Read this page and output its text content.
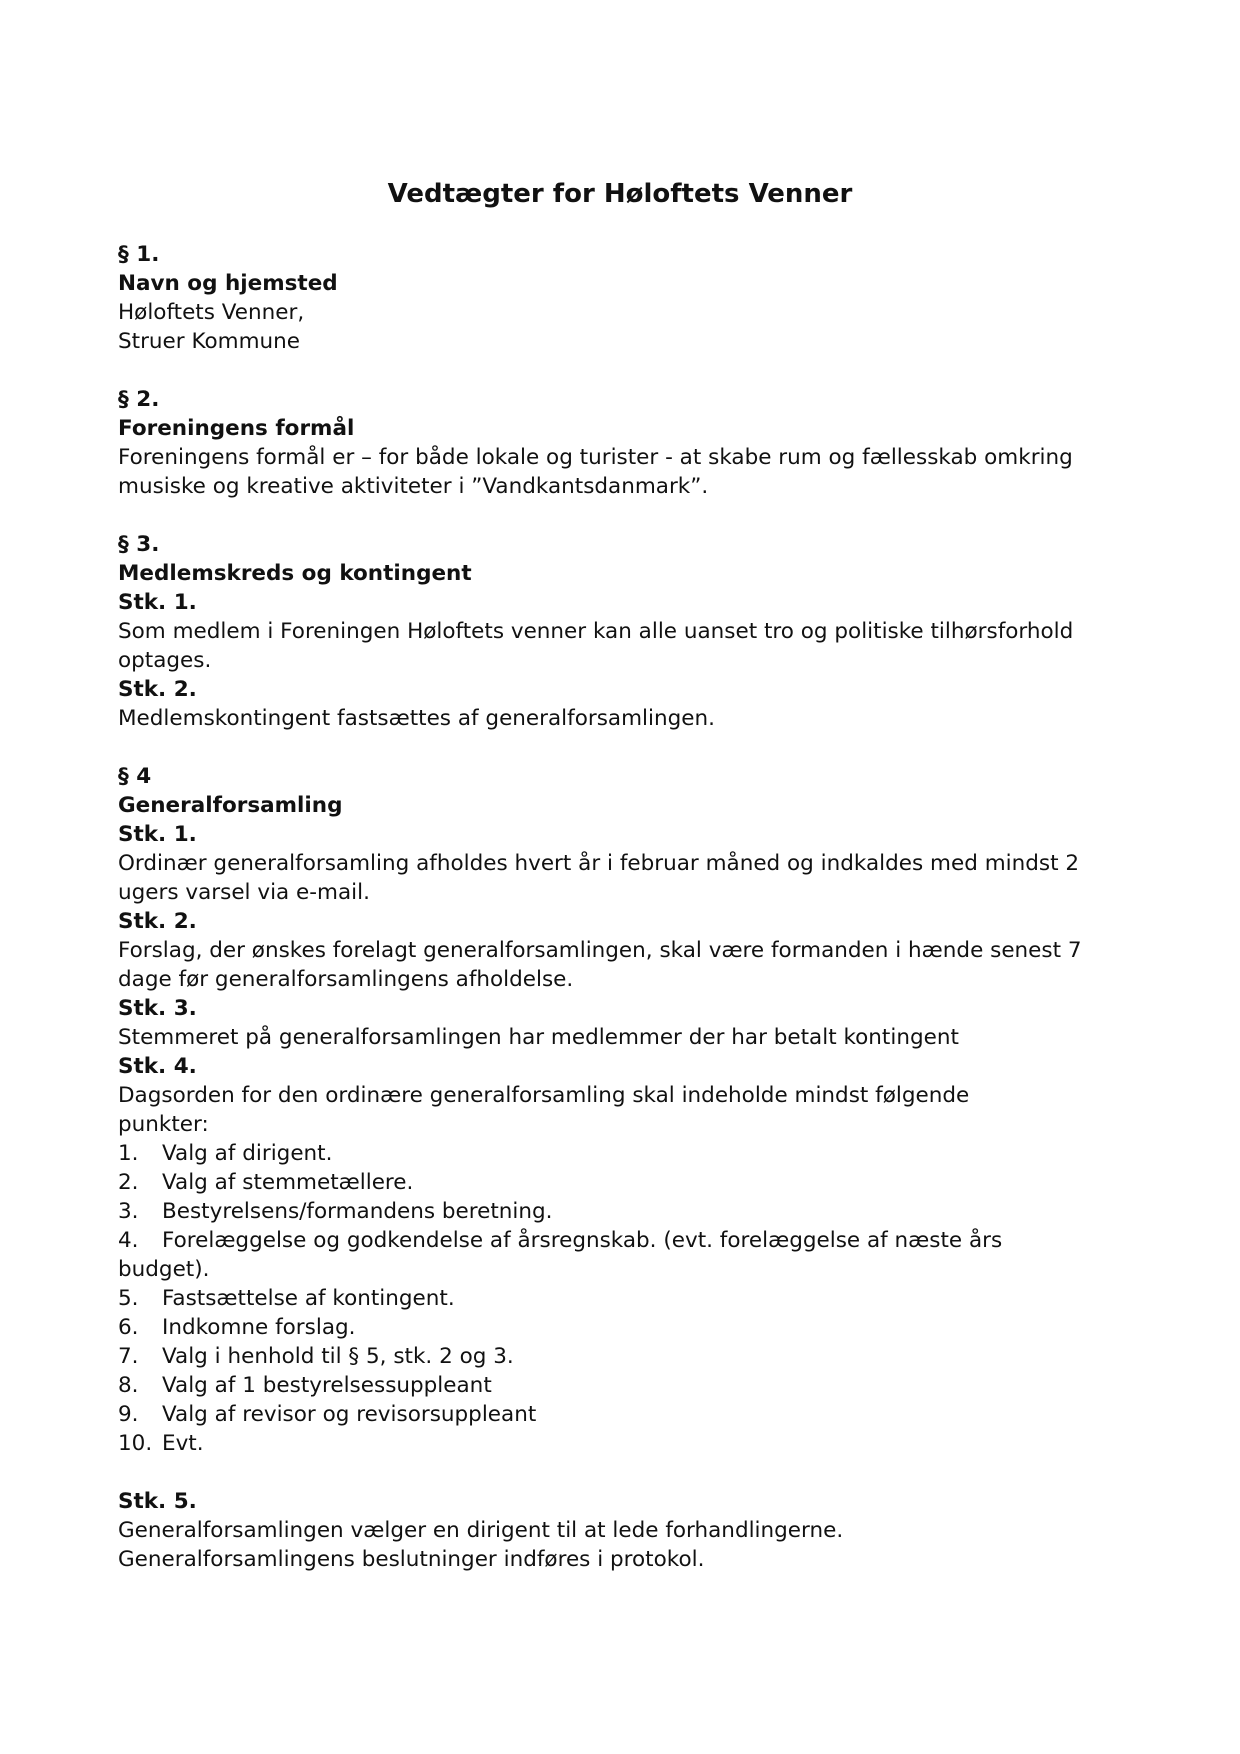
Vedtægter for Høloftets Venner
§ 1.
Navn og hjemsted
Høloftets Venner,
Struer Kommune
§ 2.
Foreningens formål
Foreningens formål er – for både lokale og turister - at skabe rum og fællesskab omkring
musiske og kreative aktiviteter i ”Vandkantsdanmark”.
§ 3.
Medlemskreds og kontingent
Stk. 1.
Som medlem i Foreningen Høloftets venner kan alle uanset tro og politiske tilhørsforhold
optages.
Stk. 2.
Medlemskontingent fastsættes af generalforsamlingen.
§ 4
Generalforsamling
Stk. 1.
Ordinær generalforsamling afholdes hvert år i februar måned og indkaldes med mindst 2
ugers varsel via e-mail.
Stk. 2.
Forslag, der ønskes forelagt generalforsamlingen, skal være formanden i hænde senest 7
dage før generalforsamlingens afholdelse.
Stk. 3.
Stemmeret på generalforsamlingen har medlemmer der har betalt kontingent
Stk. 4.
Dagsorden for den ordinære generalforsamling skal indeholde mindst følgende
punkter:
1. Valg af dirigent.
2. Valg af stemmetællere.
3. Bestyrelsens/formandens beretning.
4. Forelæggelse og godkendelse af årsregnskab. (evt. forelæggelse af næste års
budget).
5. Fastsættelse af kontingent.
6. Indkomne forslag.
7. Valg i henhold til § 5, stk. 2 og 3.
8. Valg af 1 bestyrelsessuppleant
9. Valg af revisor og revisorsuppleant
10. Evt.
Stk. 5.
Generalforsamlingen vælger en dirigent til at lede forhandlingerne.
Generalforsamlingens beslutninger indføres i protokol.
